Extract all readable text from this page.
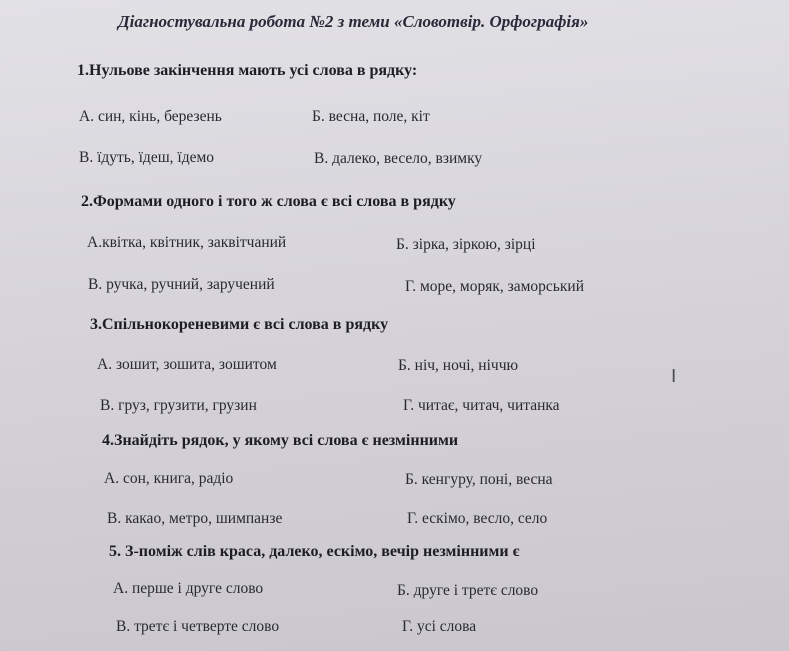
Діагностувальна робота №2 з теми «Словотвір. Орфографія»
1.Нульове закінчення мають усі слова в рядку:
А. син, кінь, березень	Б. весна, поле, кіт
В. їдуть, їдеш, їдемо	В. далеко, весело, взимку
2.Формами одного і того ж слова є всі слова в рядку
А.квітка, квітник, заквітчаний	Б. зірка, зіркою, зірці
В. ручка, ручний, заручений	Г. море, моряк, заморський
3.Спільнокореневими є всі слова в рядку
А. зошит, зошита, зошитом	Б. ніч, ночі, ніччю
В. груз, грузити, грузин	Г. читає, читач, читанка
4.Знайдіть рядок, у якому всі слова є незмінними
А. сон, книга, радіо	Б. кенгуру, поні, весна
В. какао, метро, шимпанзе	Г. ескімо, весло, село
5. З-поміж слів краса, далеко, ескімо, вечір незмінними є
А. перше і друге слово	Б. друге і третє слово
В. третє і четверте слово	Г. усі слова
I
